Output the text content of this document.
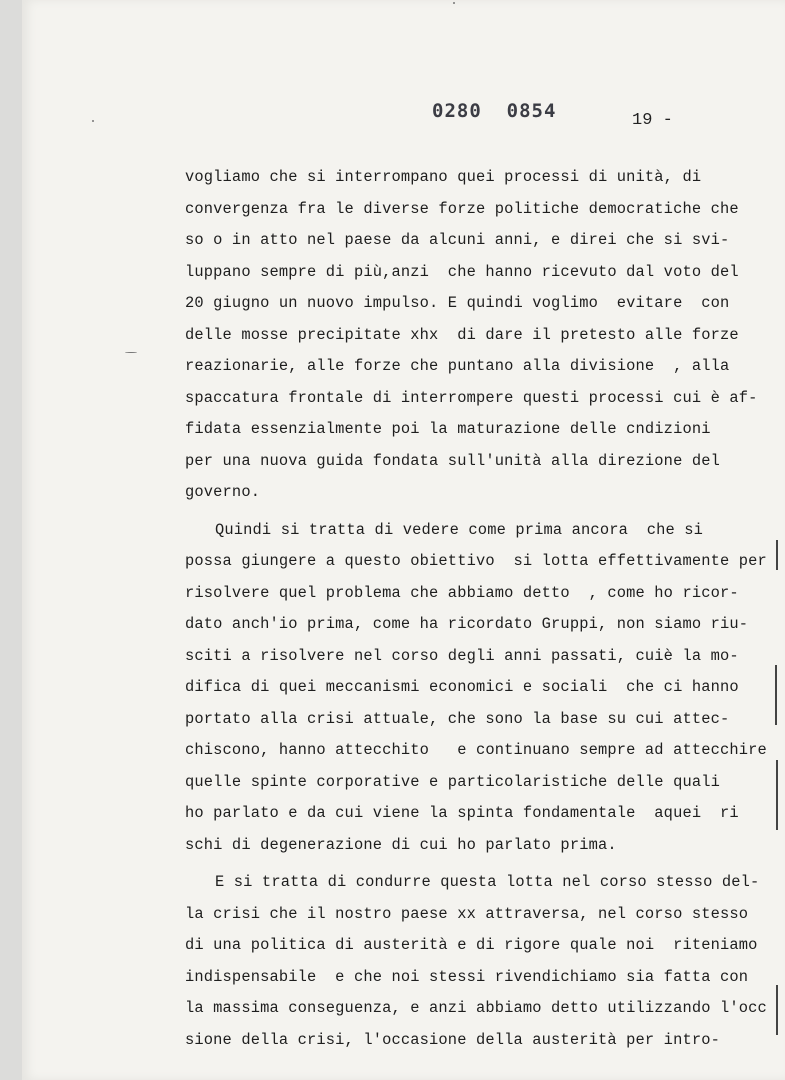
0280  0854	19 -
vogliamo che si interrompano quei processi di unità, di
convergenza fra le diverse forze politiche democratiche che
so o in atto nel paese da alcuni anni, e direi che si svi-
luppano sempre di più,anzi  che hanno ricevuto dal voto del
20 giugno un nuovo impulso. E quindi voglimo  evitare  con
delle mosse precipitate xhx  di dare il pretesto alle forze
reazionarie, alle forze che puntano alla divisione  , alla
spaccatura frontale di interrompere questi processi cui è af-
fidata essenzialmente poi la maturazione delle cndizioni
per una nuova guida fondata sull'unità alla direzione del
governo.
Quindi si tratta di vedere come prima ancora  che si
possa giungere a questo obiettivo  si lotta effettivamente per
risolvere quel problema che abbiamo detto  , come ho ricor-
dato anch'io prima, come ha ricordato Gruppi, non siamo riu-
sciti a risolvere nel corso degli anni passati, cuiè la mo-
difica di quei meccanismi economici e sociali  che ci hanno
portato alla crisi attuale, che sono la base su cui attec-
chiscono, hanno attecchito   e continuano sempre ad attecchire
quelle spinte corporative e particolaristiche delle quali
ho parlato e da cui viene la spinta fondamentale  aquei  ri
schi di degenerazione di cui ho parlato prima.
E si tratta di condurre questa lotta nel corso stesso del-
la crisi che il nostro paese xx attraversa, nel corso stesso
di una politica di austerità e di rigore quale noi  riteniamo
indispensabile  e che noi stessi rivendichiamo sia fatta con
la massima conseguenza, e anzi abbiamo detto utilizzando l'occ
sione della crisi, l'occasione della austerità per intro-
